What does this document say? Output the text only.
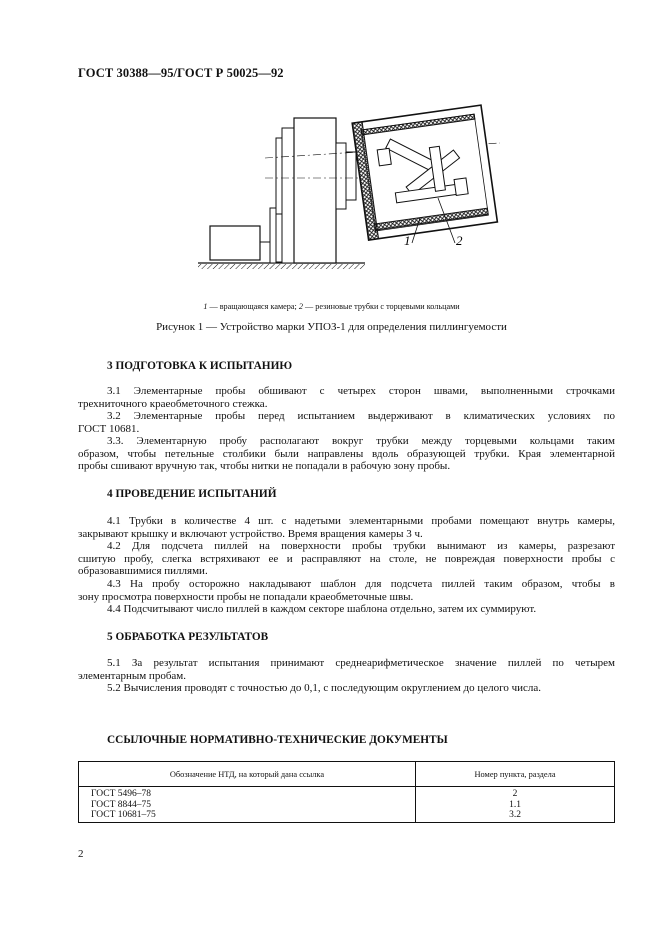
ГОСТ 30388—95/ГОСТ Р 50025—92
1	2
1 — вращающаяся камера; 2 — резиновые трубки с торцевыми кольцами
Рисунок 1 — Устройство марки УПОЗ-1 для определения пиллингуемости
3 ПОДГОТОВКА К ИСПЫТАНИЮ
3.1 Элементарные пробы обшивают с четырех сторон швами, выполненными строчками
трехниточного краеобметочного стежка.
3.2 Элементарные пробы перед испытанием выдерживают в климатических условиях по
ГОСТ 10681.
3.3. Элементарную пробу располагают вокруг трубки между торцевыми кольцами таким
образом, чтобы петельные столбики были направлены вдоль образующей трубки. Края элементарной
пробы сшивают вручную так, чтобы нитки не попадали в рабочую зону пробы.
4 ПРОВЕДЕНИЕ ИСПЫТАНИЙ
4.1 Трубки в количестве 4 шт. с надетыми элементарными пробами помещают внутрь камеры,
закрывают крышку и включают устройство. Время вращения камеры 3 ч.
4.2 Для подсчета пиллей на поверхности пробы трубки вынимают из камеры, разрезают
сшитую пробу, слегка встряхивают ее и расправляют на столе, не повреждая поверхности пробы с
образовавшимися пиллями.
4.3 На пробу осторожно накладывают шаблон для подсчета пиллей таким образом, чтобы в
зону просмотра поверхности пробы не попадали краеобметочные швы.
4.4 Подсчитывают число пиллей в каждом секторе шаблона отдельно, затем их суммируют.
5 ОБРАБОТКА РЕЗУЛЬТАТОВ
5.1 За результат испытания принимают среднеарифметическое значение пиллей по четырем
элементарным пробам.
5.2 Вычисления проводят с точностью до 0,1, с последующим округлением до целого числа.
ССЫЛОЧНЫЕ НОРМАТИВНО-ТЕХНИЧЕСКИЕ ДОКУМЕНТЫ
Обозначение НТД, на который дана ссылка	Номер пункта, раздела
ГОСТ 5496–78	2
ГОСТ 8844–75	1.1
ГОСТ 10681–75	3.2
2
